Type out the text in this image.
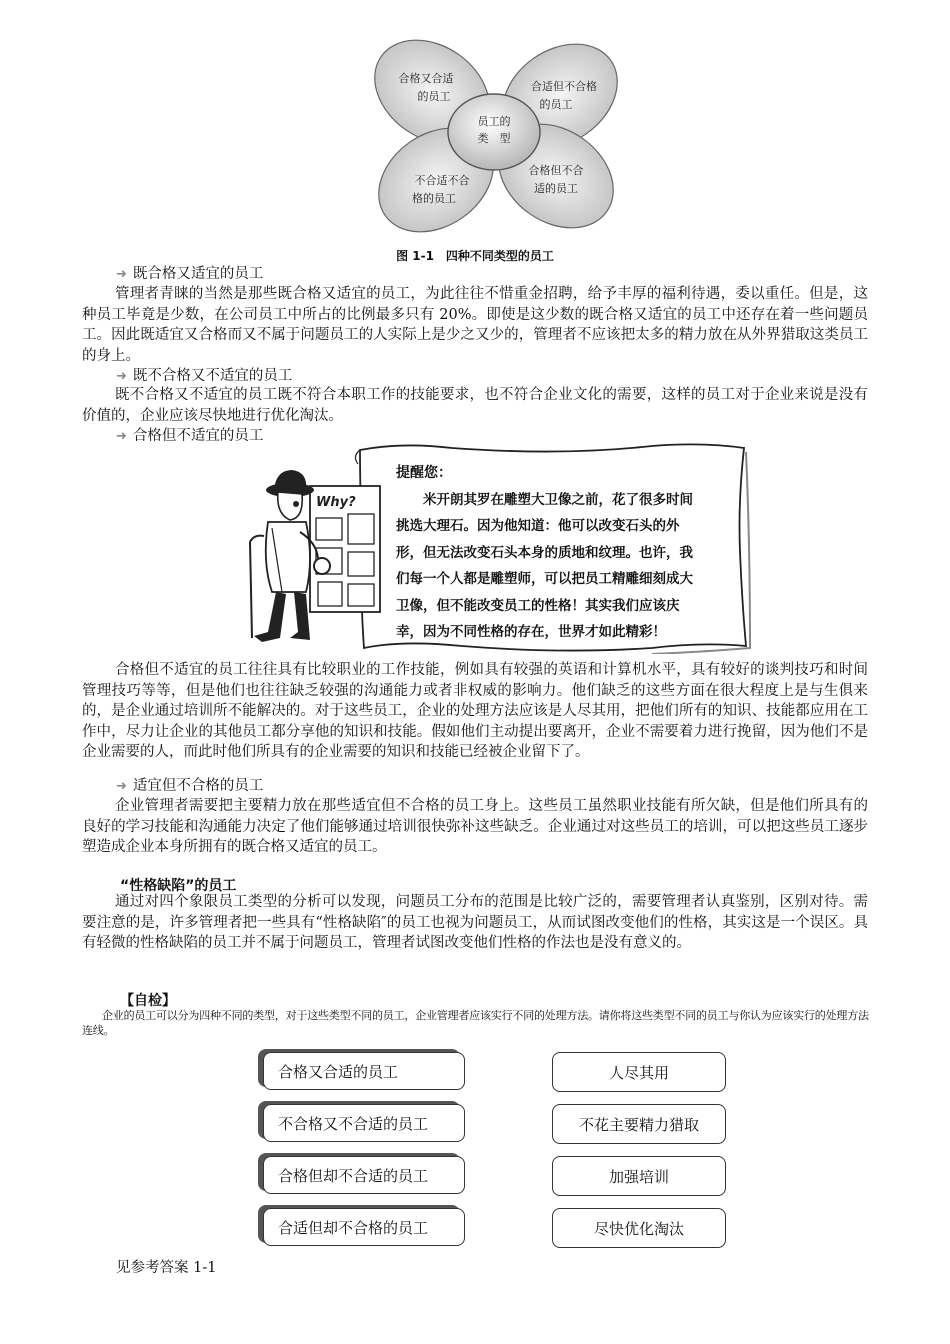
员工的
类　型
合格又合适
的员工
合适但不合格
的员工
不合适不合
格的员工
合格但不合
适的员工
图 1-1　四种不同类型的员工
➜ 既合格又适宜的员工

管理者青睐的当然是那些既合格又适宜的员工，为此往往不惜重金招聘，给予丰厚的福利待遇，委以重任。但是，这种员工毕竟是少数，在公司员工中所占的比例最多只有 20%。即使是这少数的既合格又适宜的员工中还存在着一些问题员工。因此既适宜又合格而又不属于问题员工的人实际上是少之又少的，管理者不应该把太多的精力放在从外界猎取这类员工的身上。

➜ 既不合格又不适宜的员工

既不合格又不适宜的员工既不符合本职工作的技能要求，也不符合企业文化的需要，这样的员工对于企业来说是没有价值的，企业应该尽快地进行优化淘汰。

➜ 合格但不适宜的员工
Why?
提醒您：

米开朗其罗在雕塑大卫像之前，花了很多时间挑选大理石。因为他知道：他可以改变石头的外形，但无法改变石头本身的质地和纹理。也许，我们每一个人都是雕塑师，可以把员工精雕细刻成大卫像，但不能改变员工的性格！其实我们应该庆幸，因为不同性格的存在，世界才如此精彩！

合格但不适宜的员工往往具有比较职业的工作技能，例如具有较强的英语和计算机水平，具有较好的谈判技巧和时间管理技巧等等，但是他们也往往缺乏较强的沟通能力或者非权威的影响力。他们缺乏的这些方面在很大程度上是与生俱来的，是企业通过培训所不能解决的。对于这些员工，企业的处理方法应该是人尽其用，把他们所有的知识、技能都应用在工作中，尽力让企业的其他员工都分享他的知识和技能。假如他们主动提出要离开，企业不需要着力进行挽留，因为他们不是企业需要的人，而此时他们所具有的企业需要的知识和技能已经被企业留下了。

➜ 适宜但不合格的员工

企业管理者需要把主要精力放在那些适宜但不合格的员工身上。这些员工虽然职业技能有所欠缺，但是他们所具有的良好的学习技能和沟通能力决定了他们能够通过培训很快弥补这些缺乏。企业通过对这些员工的培训，可以把这些员工逐步塑造成企业本身所拥有的既合格又适宜的员工。

“性格缺陷”的员工

通过对四个象限员工类型的分析可以发现，问题员工分布的范围是比较广泛的，需要管理者认真鉴别，区别对待。需要注意的是，许多管理者把一些具有“性格缺陷″的员工也视为问题员工，从而试图改变他们的性格，其实这是一个误区。具有轻微的性格缺陷的员工并不属于问题员工，管理者试图改变他们性格的作法也是没有意义的。

【自检】

企业的员工可以分为四种不同的类型，对于这些类型不同的员工，企业管理者应该实行不同的处理方法。请你将这些类型不同的员工与你认为应该实行的处理方法连线。

合格又合适的员工
不合格又不合适的员工
合格但却不合适的员工
合适但却不合格的员工
人尽其用
不花主要精力猎取
加强培训
尽快优化淘汰
见参考答案 1-1
